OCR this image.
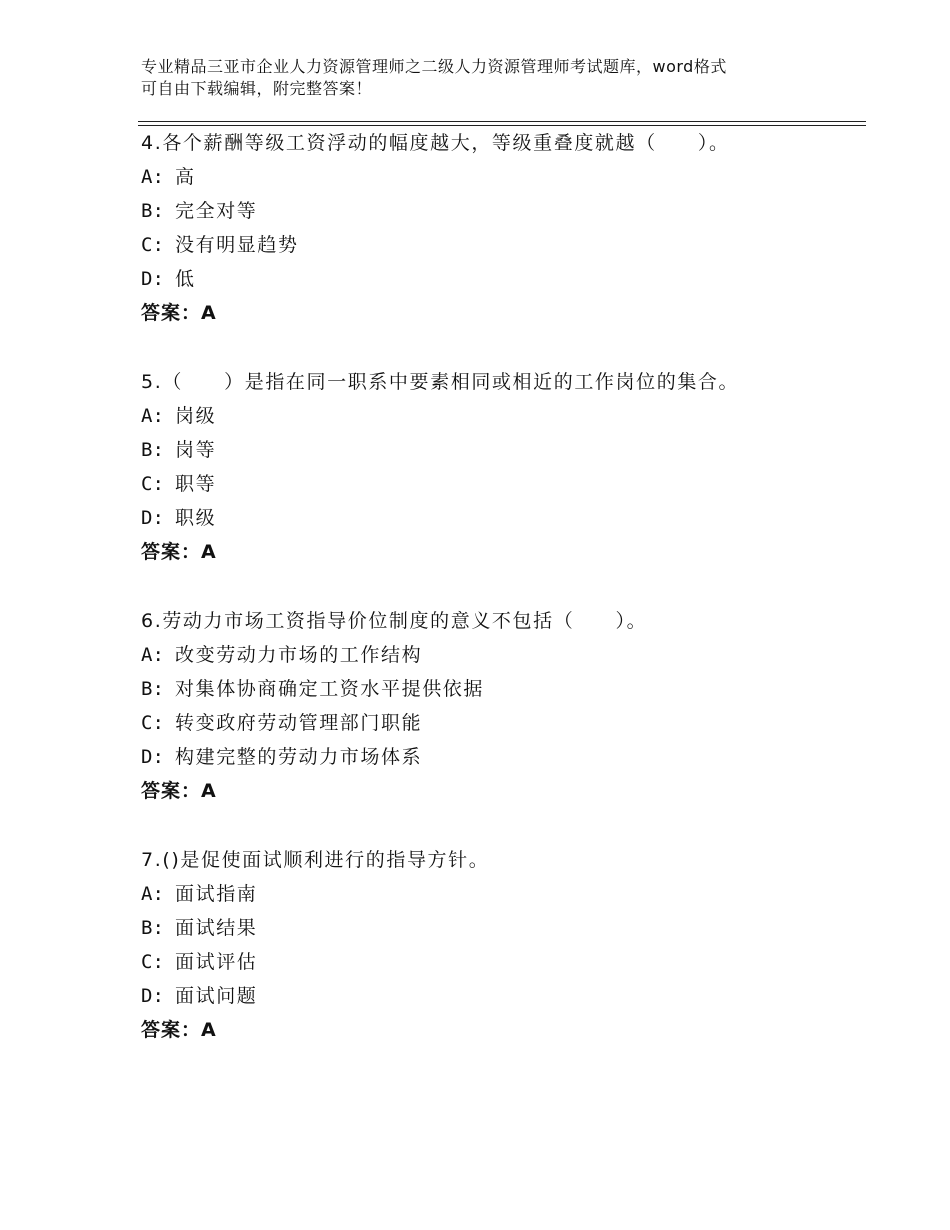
专业精品三亚市企业人力资源管理师之二级人力资源管理师考试题库，word格式
可自由下载编辑，附完整答案！
4.各个薪酬等级工资浮动的幅度越大，等级重叠度就越（　　）。
A: 高
B: 完全对等
C: 没有明显趋势
D: 低
答案：A
5.（　　）是指在同一职系中要素相同或相近的工作岗位的集合。
A: 岗级
B: 岗等
C: 职等
D: 职级
答案：A
6.劳动力市场工资指导价位制度的意义不包括（　　）。
A: 改变劳动力市场的工作结构
B: 对集体协商确定工资水平提供依据
C: 转变政府劳动管理部门职能
D: 构建完整的劳动力市场体系
答案：A
7.()是促使面试顺利进行的指导方针。
A: 面试指南
B: 面试结果
C: 面试评估
D: 面试问题
答案：A
